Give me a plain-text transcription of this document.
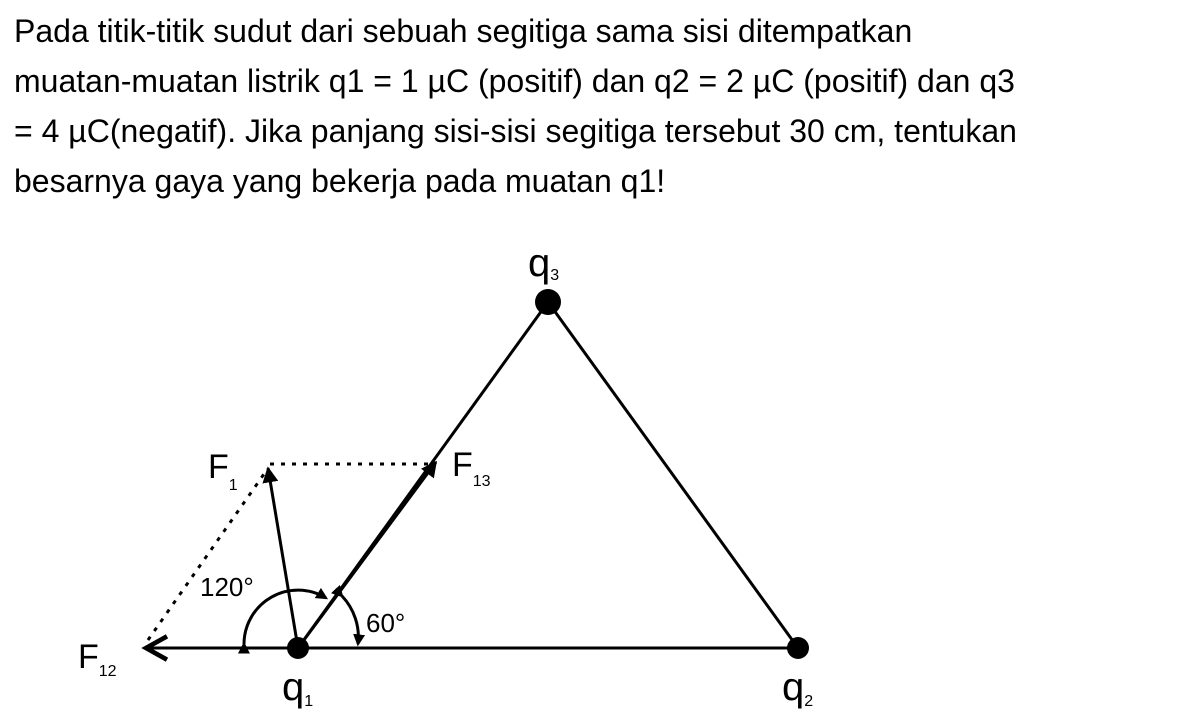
Pada titik-titik sudut dari sebuah segitiga sama sisi ditempatkan
muatan-muatan listrik q1 = 1 µC (positif) dan q2 = 2 µC (positif) dan q3
= 4 µC(negatif). Jika panjang sisi-sisi segitiga tersebut 30 cm, tentukan
besarnya gaya yang bekerja pada muatan q1!
q3
q1	q2
$F_1$
$F_{13}$
$F_{12}$
120°
60°
